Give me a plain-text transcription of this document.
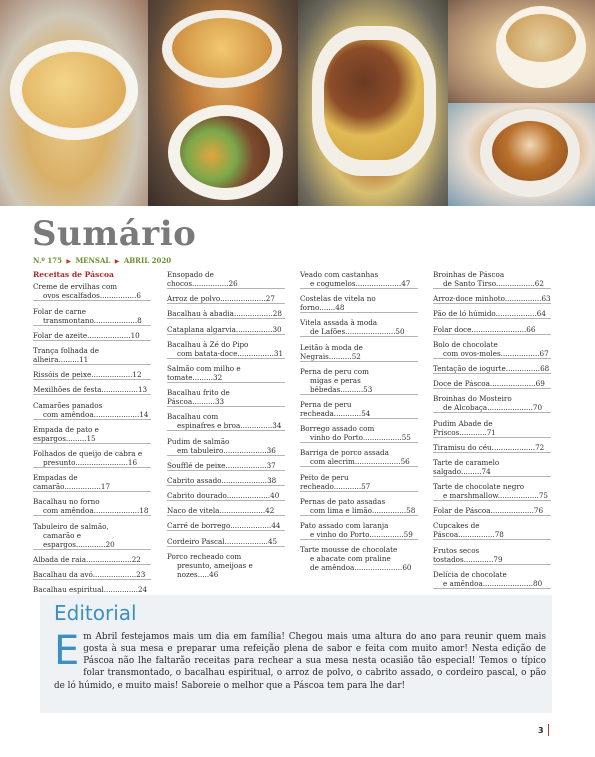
Sumário
N.º 175 ▶ MENSAL ▶ ABRIL 2020
Receitas de Páscoa
Creme de ervilhas com
ovos escalfados................6
Folar de carne
transmontano...................8
Folar de azeite...................10
Trança folhada de alheira.........11
Rissóis de peixe..................12
Mexilhões de festa................13
Camarões panados
com amêndoa....................14
Empada de pato e espargos.........15
Folhados de queijo de cabra e
presunto.......................16
Empadas de camarão................17
Bacalhau no forno
com amêndoa....................18
Tabuleiro de salmão,
camarão e espargos.............20
Albada de raia....................22
Bacalhau da avó...................23
Bacalhau espiritual...............24
Ensopado de chocos................26
Arroz de polvo....................27
Bacalhau à abadia.................28
Cataplana algarvia................30
Bacalhau à Zé do Pipo
com batata-doce................31
Salmão com milho e tomate.........32
Bacalhau frito de Páscoa..........33
Bacalhau com
espinafres e broa..............34
Pudim de salmão
em tabuleiro...................36
Soufflé de peixe..................37
Cabrito assado....................38
Cabrito dourado...................40
Naco de vitela....................42
Carré de borrego..................44
Cordeiro Pascal...................45
Porco recheado com
presunto, ameijoas e nozes.....46
Veado com castanhas
e cogumelos....................47
Costelas de vitela no forno.......48
Vitela assada à moda
de Lafões......................50
Leitão à moda de Negrais..........52
Perna de peru com
migas e peras bêbedas..........53
Perna de peru recheada............54
Borrego assado com
vinho do Porto.................55
Barriga de porco assada
com alecrim....................56
Peito de peru recheado............57
Pernas de pato assadas
com lima e limão...............58
Pato assado com laranja
e vinho do Porto...............59
Tarte mousse de chocolate
e abacate com praline
de amêndoa.....................60
Broinhas de Páscoa
de Santo Tirso.................62
Arroz-doce minhoto................63
Pão de ló húmido..................64
Folar doce........................66
Bolo de chocolate
com ovos-moles.................67
Tentação de iogurte...............68
Doce de Páscoa....................69
Broinhas do Mosteiro
de Alcobaça....................70
Pudim Abade de Priscos............71
Tiramisu do céu...................72
Tarte de caramelo salgado.........74
Tarte de chocolate negro
e marshmallow..................75
Folar de Páscoa...................76
Cupcakes de Páscoa................78
Frutos secos tostados.............79
Delícia de chocolate
e amêndoa......................80
Editorial
E m Abril festejamos mais um dia em família! Chegou mais uma altura do ano para reunir quem mais gosta à sua mesa e preparar uma refeição plena de sabor e feita com muito amor! Nesta edição de Páscoa não lhe faltarão receitas para rechear a sua mesa nesta ocasião tão especial! Temos o típico folar transmontado, o bacalhau espiritual, o arroz de polvo, o cabrito assado, o cordeiro pascal, o pão de ló húmido, e muito mais! Saboreie o melhor que a Páscoa tem para lhe dar!
3
